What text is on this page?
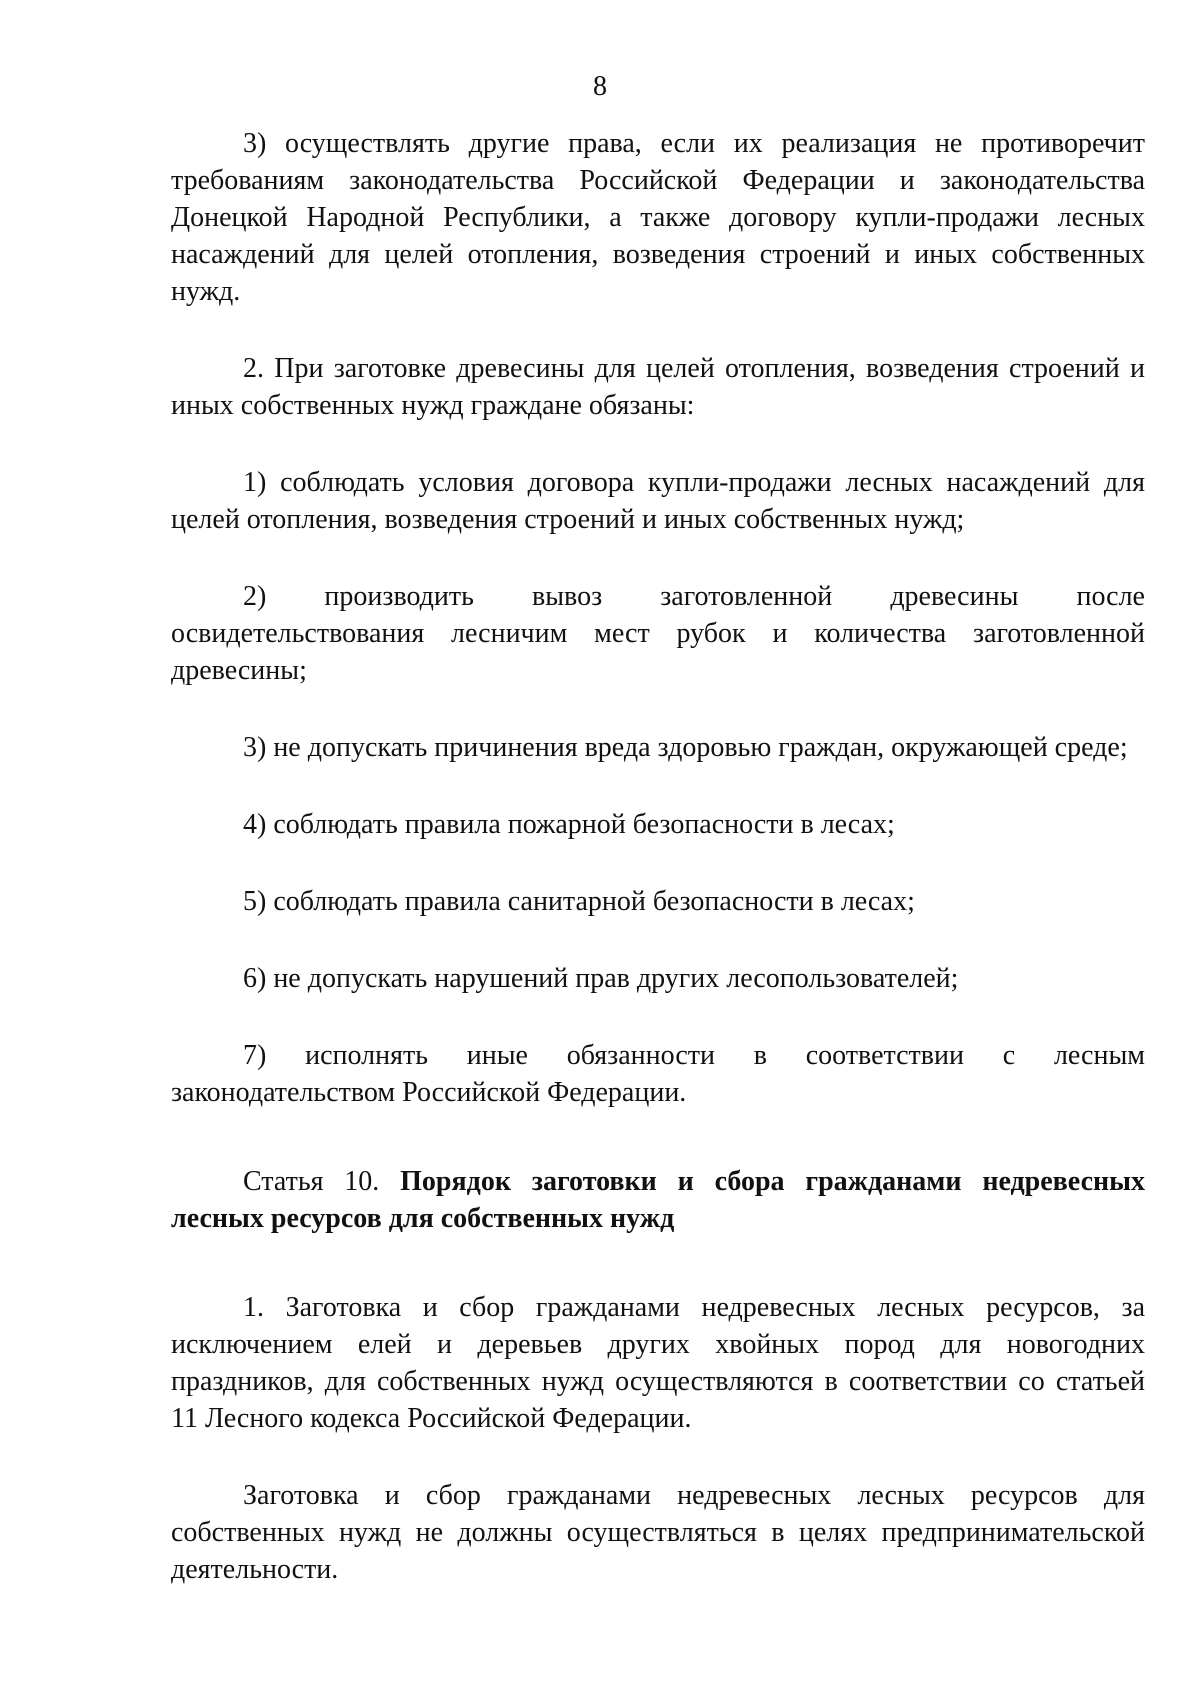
8

3) осуществлять другие права, если их реализация не противоречит требованиям законодательства Российской Федерации и законодательства Донецкой Народной Республики, а также договору купли-продажи лесных насаждений для целей отопления, возведения строений и иных собственных нужд.

2. При заготовке древесины для целей отопления, возведения строений и иных собственных нужд граждане обязаны:

1) соблюдать условия договора купли-продажи лесных насаждений для целей отопления, возведения строений и иных собственных нужд;

2) производить вывоз заготовленной древесины после освидетельствования лесничим мест рубок и количества заготовленной древесины;

3) не допускать причинения вреда здоровью граждан, окружающей среде;

4) соблюдать правила пожарной безопасности в лесах;

5) соблюдать правила санитарной безопасности в лесах;

6) не допускать нарушений прав других лесопользователей;

7) исполнять иные обязанности в соответствии с лесным законодательством Российской Федерации.

Статья 10. Порядок заготовки и сбора гражданами недревесных лесных ресурсов для собственных нужд

1. Заготовка и сбор гражданами недревесных лесных ресурсов, за исключением елей и деревьев других хвойных пород для новогодних праздников, для собственных нужд осуществляются в соответствии со статьей 11 Лесного кодекса Российской Федерации.

Заготовка и сбор гражданами недревесных лесных ресурсов для собственных нужд не должны осуществляться в целях предпринимательской деятельности.
